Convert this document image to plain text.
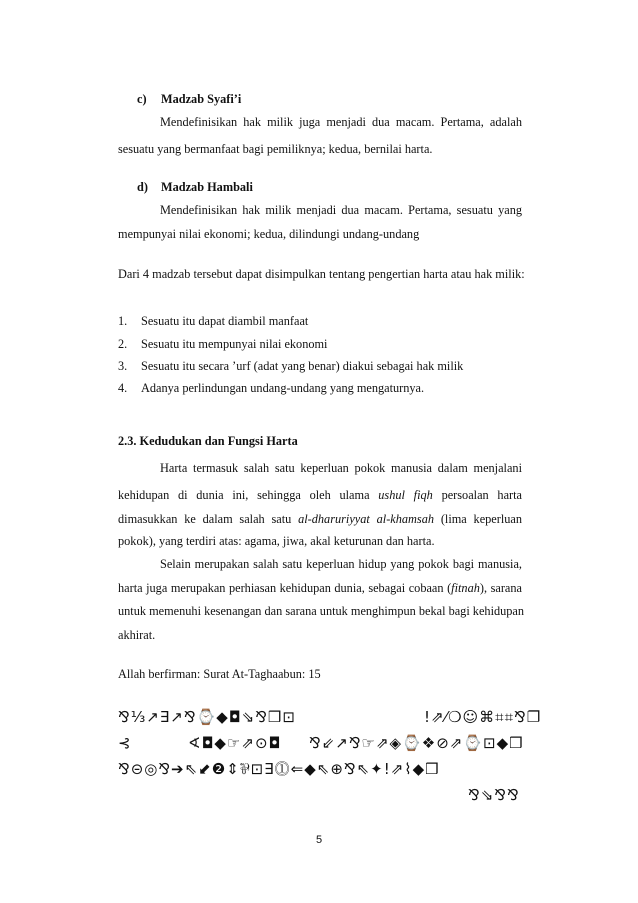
c) Madzab Syafi’i
Mendefinisikan hak milik juga menjadi dua macam. Pertama, adalah
sesuatu yang bermanfaat bagi pemiliknya; kedua, bernilai harta.
d) Madzab Hambali
Mendefinisikan hak milik menjadi dua macam. Pertama, sesuatu yang
mempunyai nilai ekonomi; kedua, dilindungi undang-undang
Dari 4 madzab tersebut dapat disimpulkan tentang pengertian harta atau hak milik:
1. Sesuatu itu dapat diambil manfaat
2. Sesuatu itu mempunyai nilai ekonomi
3. Sesuatu itu secara ’urf (adat yang benar) diakui sebagai hak milik
4. Adanya perlindungan undang-undang yang mengaturnya.
2.3. Kedudukan dan Fungsi Harta
Harta termasuk salah satu keperluan pokok manusia dalam menjalani
kehidupan di dunia ini, sehingga oleh ulama ushul fiqh persoalan harta
dimasukkan ke dalam salah satu al-dharuriyyat al-khamsah (lima keperluan
pokok), yang terdiri atas: agama, jiwa, akal keturunan dan harta.
Selain merupakan salah satu keperluan hidup yang pokok bagi manusia,
harta juga merupakan perhiasan kehidupan dunia, sebagai cobaan (fitnah), sarana
untuk memenuhi kesenangan dan sarana untuk menghimpun bekal bagi kehidupan
akhirat.
Allah berfirman: Surat At-Taghaabun: 15
⅋⅓↗∃↗⅋⌚◆◘⇘⅋❒⊡	!⇗⁄❍☺⌘⌗⌗⅋❐
⊰	∢◘◆☞⇗⊙◘ ⅋⇙↗⅋☞⇗◈⌚❖⊘⇗⌚⊡◆❒
⅋⊝◎⅋➔⇖⬋❷⇕⅌⊡∃⓵⇐◆⇖⊕⅋⇖✦!⇗⌇◆❒
⅋⇘⅋⅋
5
